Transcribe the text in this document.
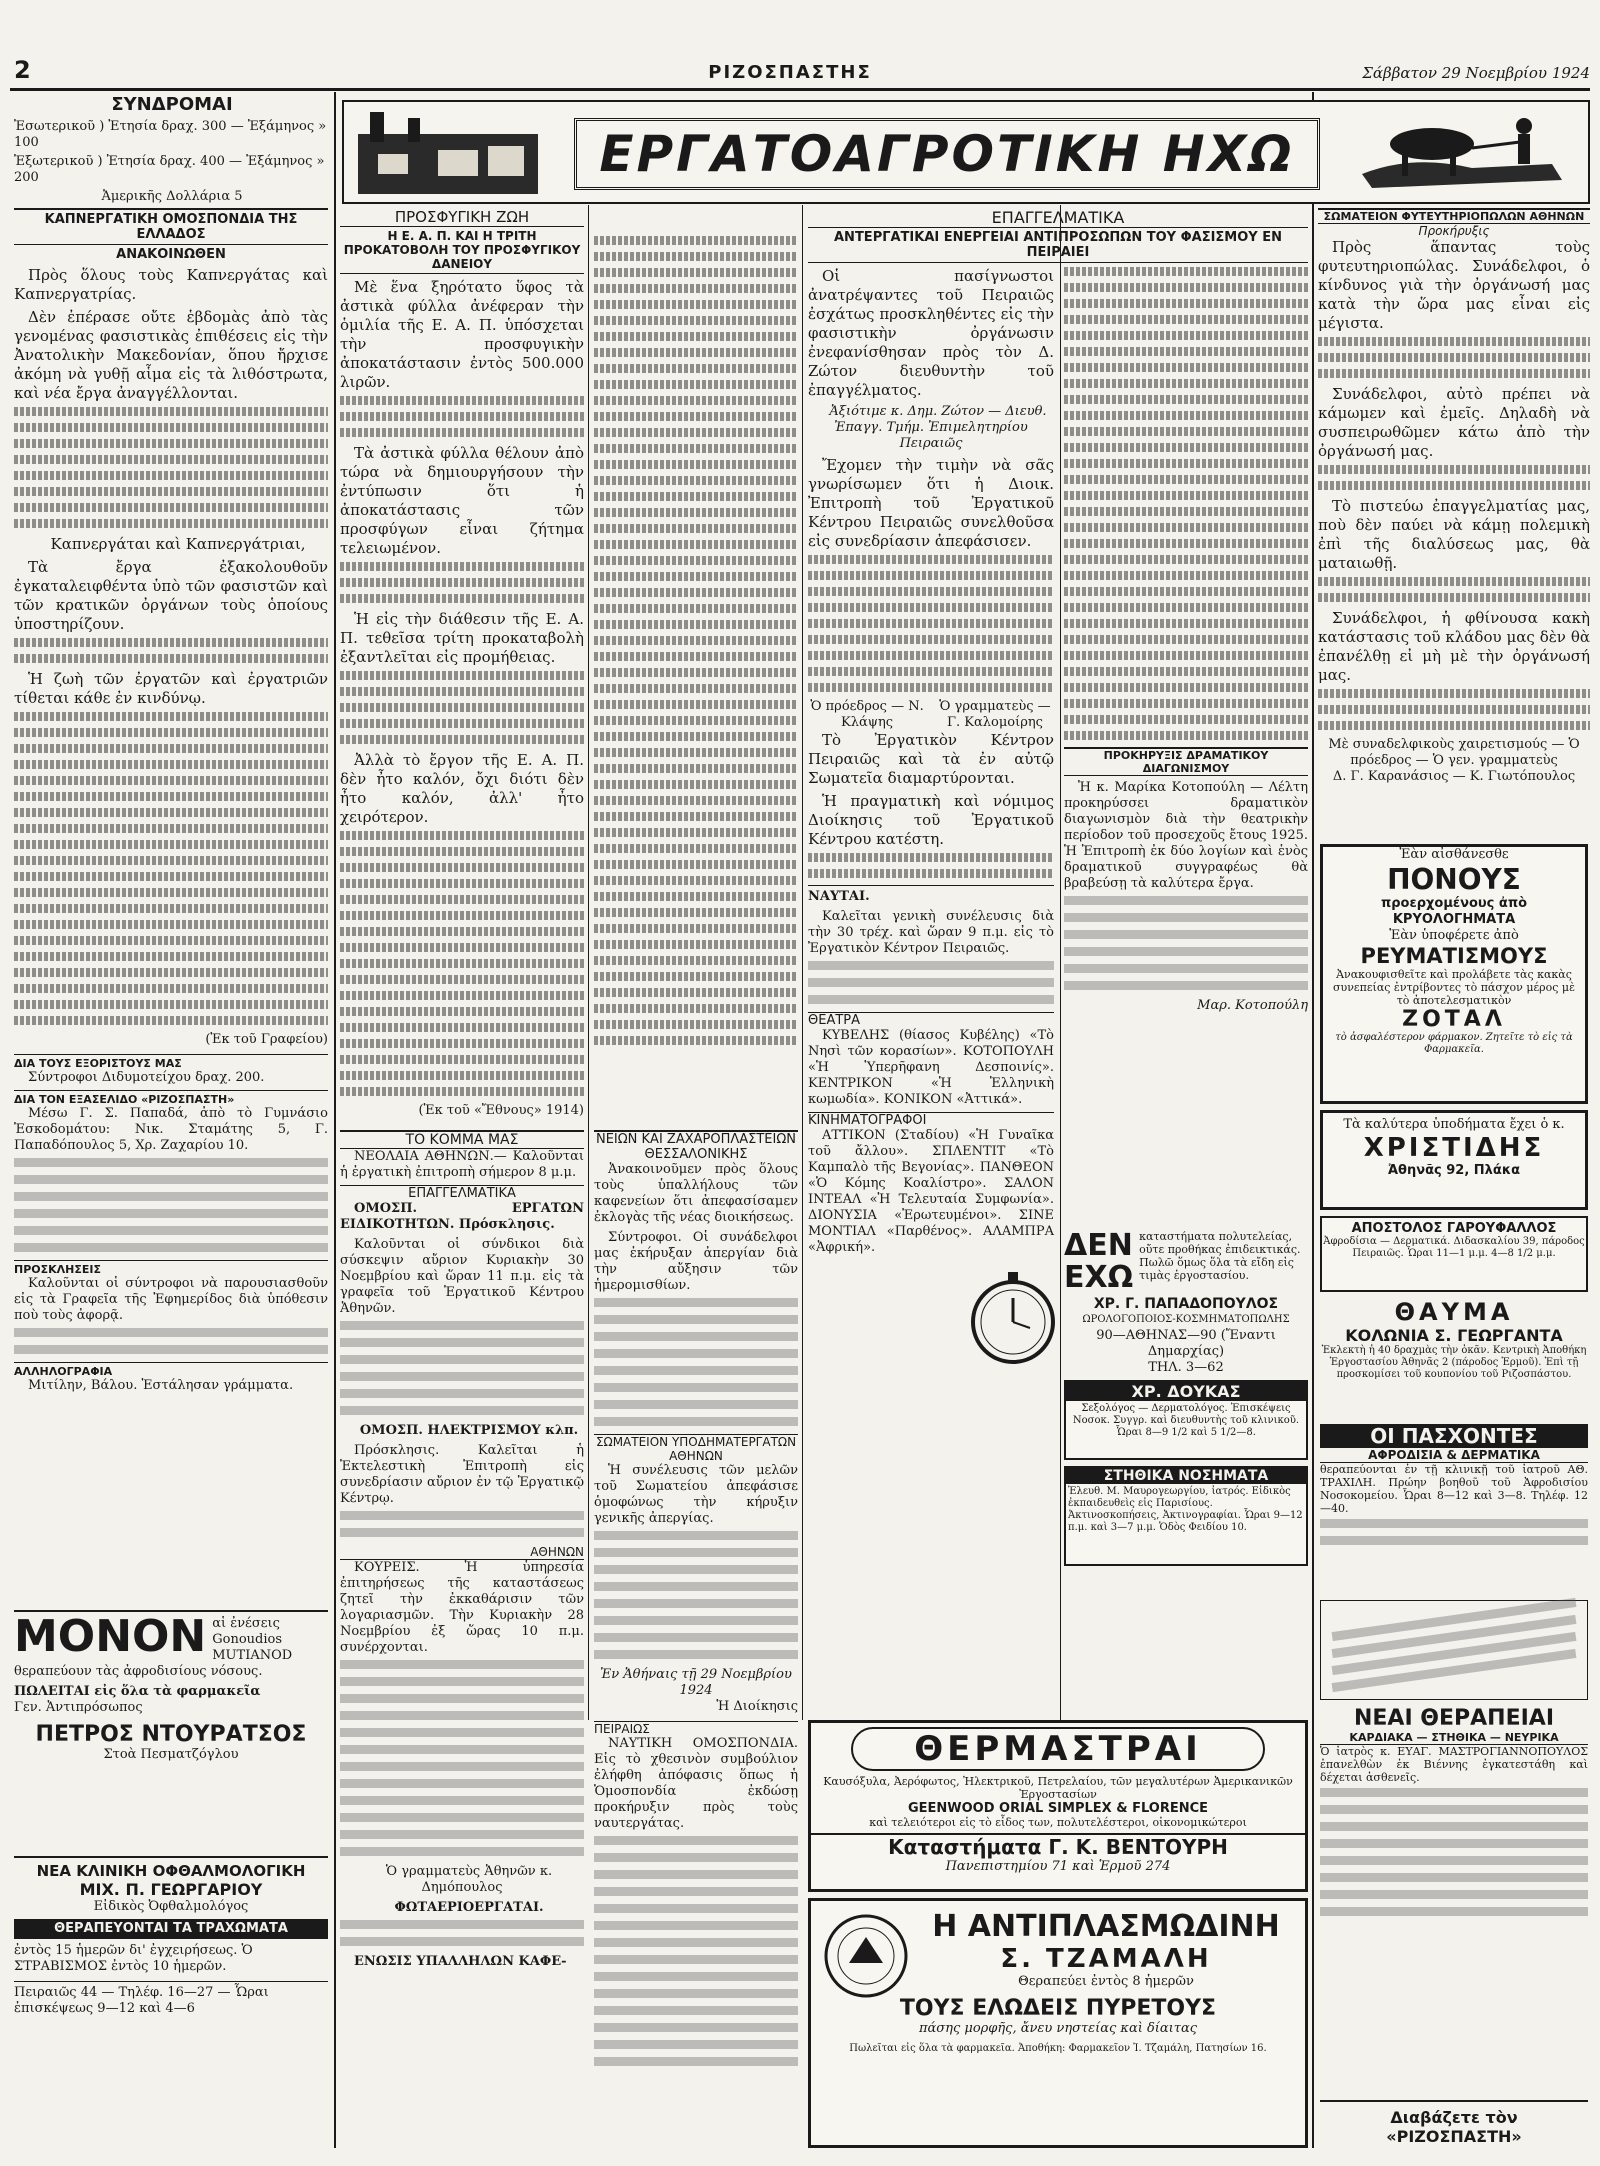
2	ΡΙΖΟΣΠΑΣΤΗΣ	Σάββατον 29 Νοεμβρίου 1924
ΣΥΝΔΡΟΜΑΙ
Ἐσωτερικοῦ ) Ἐτησία δραχ. 300 — Ἐξάμηνος » 100
Ἐξωτερικοῦ ) Ἐτησία δραχ. 400 — Ἐξάμηνος » 200
Ἀμερικῆς Δολλάρια 5
ΕΡΓΑΤΟΑΓΡΟΤΙΚΗ ΗΧΩ
ΚΑΠΝΕΡΓΑΤΙΚΗ ΟΜΟΣΠΟΝΔΙΑ ΤΗΣ ΕΛΛΑΔΟΣ
ΑΝΑΚΟΙΝΩΘΕΝ

Πρὸς ὅλους τοὺς Καπνεργάτας καὶ Καπνεργατρίας.

Δὲν ἐπέρασε οὔτε ἑβδομὰς ἀπὸ τὰς γενομένας φασιστικὰς ἐπιθέσεις εἰς τὴν Ἀνατολικὴν Μακεδονίαν, ὅπου ἤρχισε ἀκόμη νὰ γυθῇ αἷμα εἰς τὰ λιθόστρωτα, καὶ νέα ἔργα ἀναγγέλλονται.

Καπνεργάται καὶ Καπνεργάτριαι,

Τὰ ἔργα ἐξακολουθοῦν ἐγκαταλειφθέντα ὑπὸ τῶν φασιστῶν καὶ τῶν κρατικῶν ὀργάνων τοὺς ὁποίους ὑποστηρίζουν.

Ἡ ζωὴ τῶν ἐργατῶν καὶ ἐργατριῶν τίθεται κάθε ἐν κινδύνῳ.

(Ἐκ τοῦ Γραφείου)
ΔΙΑ ΤΟΥΣ ΕΞΟΡΙΣΤΟΥΣ ΜΑΣ

Σύντροφοι Διδυμοτείχου δραχ. 200.

ΔΙΑ ΤΟΝ ΕΞΑΣΕΛΙΔΟ «ΡΙΖΟΣΠΑΣΤΗ»

Μέσω Γ. Σ. Παπαδά, ἀπὸ τὸ Γυμνάσιο Ἐσκοδομάτου: Νικ. Σταμάτης 5, Γ. Παπαδόπουλος 5, Χρ. Ζαχαρίου 10.

ΠΡΟΣΚΛΗΣΕΙΣ

Καλοῦνται οἱ σύντροφοι νὰ παρουσιασθοῦν εἰς τὰ Γραφεῖα τῆς Ἐφημερίδος διὰ ὑπόθεσιν ποὺ τοὺς ἀφορᾷ.

ΑΛΛΗΛΟΓΡΑΦΙΑ

Μιτίλην, Βάλου. Ἐστάλησαν γράμματα.

ΜΟΝΟΝ αἱ ἐνέσεις Gonoudios MUTIANOD θεραπεύουν τὰς ἀφροδισίους νόσους.
ΠΩΛΕΙΤΑΙ εἰς ὅλα τὰ φαρμακεῖα
Γεν. Ἀντιπρόσωπος
ΠΕΤΡΟΣ ΝΤΟΥΡΑΤΣΟΣ
Στοὰ Πεσματζόγλου
ΝΕΑ ΚΛΙΝΙΚΗ ΟΦΘΑΛΜΟΛΟΓΙΚΗ
ΜΙΧ. Π. ΓΕΩΡΓΑΡΙΟΥ
Εἰδικὸς Ὀφθαλμολόγος
ΘΕΡΑΠΕΥΟΝΤΑΙ ΤΑ ΤΡΑΧΩΜΑΤΑ
ἐντὸς 15 ἡμερῶν δι' ἐγχειρήσεως. Ὁ ΣΤΡΑΒΙΣΜΟΣ ἐντὸς 10 ἡμερῶν.
Πειραιῶς 44 — Τηλέφ. 16—27 — Ὧραι ἐπισκέψεως 9—12 καὶ 4—6
ΠΡΟΣΦΥΓΙΚΗ ΖΩΗ
Η Ε. Α. Π. ΚΑΙ Η ΤΡΙΤΗ ΠΡΟΚΑΤΟΒΟΛΗ ΤΟΥ ΠΡΟΣΦΥΓΙΚΟΥ ΔΑΝΕΙΟΥ

Μὲ ἕνα ξηρότατο ὕφος τὰ ἀστικὰ φύλλα ἀνέφεραν τὴν ὁμιλία τῆς Ε. Α. Π. ὑπόσχεται τὴν προσφυγικὴν ἀποκατάστασιν ἐντὸς 500.000 λιρῶν.

Τὰ ἀστικὰ φύλλα θέλουν ἀπὸ τώρα νὰ δημιουργήσουν τὴν ἐντύπωσιν ὅτι ἡ ἀποκατάστασις τῶν προσφύγων εἶναι ζήτημα τελειωμένον.

Ἡ εἰς τὴν διάθεσιν τῆς Ε. Α. Π. τεθεῖσα τρίτη προκαταβολὴ ἐξαντλεῖται εἰς προμήθειας.

Ἀλλὰ τὸ ἔργον τῆς Ε. Α. Π. δὲν ἦτο καλόν, ὄχι διότι δὲν ἦτο καλόν, ἀλλ' ἦτο χειρότερον.

(Ἐκ τοῦ «Ἔθνους» 1914)
ΤΟ ΚΟΜΜΑ ΜΑΣ

ΝΕΟΛΑΙΑ ΑΘΗΝΩΝ.— Καλοῦνται ἡ ἐργατικὴ ἐπιτροπὴ σήμερον 8 μ.μ.

ΕΠΑΓΓΕΛΜΑΤΙΚΑ

ΟΜΟΣΠ. ΕΡΓΑΤΩΝ ΕΙΔΙΚΟΤΗΤΩΝ. Πρόσκλησις.

Καλοῦνται οἱ σύνδικοι διὰ σύσκεψιν αὔριον Κυριακὴν 30 Νοεμβρίου καὶ ὥραν 11 π.μ. εἰς τὰ γραφεῖα τοῦ Ἐργατικοῦ Κέντρου Ἀθηνῶν.

ΟΜΟΣΠ. ΗΛΕΚΤΡΙΣΜΟΥ κλπ.

Πρόσκλησις. Καλεῖται ἡ Ἐκτελεστικὴ Ἐπιτροπὴ εἰς συνεδρίασιν αὔριον ἐν τῷ Ἐργατικῷ Κέντρῳ.

ΑΘΗΝΩΝ

ΚΟΥΡΕΙΣ. Ἡ ὑπηρεσία ἐπιτηρήσεως τῆς καταστάσεως ζητεῖ τὴν ἐκκαθάρισιν τῶν λογαριασμῶν. Τὴν Κυριακὴν 28 Νοεμβρίου ἐξ ὥρας 10 π.μ. συνέρχονται.

Ὁ γραμματεὺς Ἀθηνῶν κ. Δημόπουλος

ΦΩΤΑΕΡΙΟΕΡΓΑΤΑΙ.

ΕΝΩΣΙΣ ΥΠΑΛΛΗΛΩΝ ΚΑΦΕ-

ΝΕΙΩΝ ΚΑΙ ΖΑΧΑΡΟΠΛΑΣΤΕΙΩΝ ΘΕΣΣΑΛΟΝΙΚΗΣ

Ἀνακοινοῦμεν πρὸς ὅλους τοὺς ὑπαλλήλους τῶν καφενείων ὅτι ἀπεφασίσαμεν ἐκλογὰς τῆς νέας διοικήσεως.

Σύντροφοι. Οἱ συνάδελφοι μας ἐκήρυξαν ἀπεργίαν διὰ τὴν αὔξησιν τῶν ἡμερομισθίων.

ΣΩΜΑΤΕΙΟΝ ΥΠΟΔΗΜΑΤΕΡΓΑΤΩΝ ΑΘΗΝΩΝ

Ἡ συνέλευσις τῶν μελῶν τοῦ Σωματείου ἀπεφάσισε ὁμοφώνως τὴν κήρυξιν γενικῆς ἀπεργίας.

Ἐν Ἀθήναις τῇ 29 Νοεμβρίου 1924
Ἡ Διοίκησις
ΠΕΙΡΑΙΩΣ

ΝΑΥΤΙΚΗ ΟΜΟΣΠΟΝΔΙΑ. Εἰς τὸ χθεσινὸν συμβούλιον ἐλήφθη ἀπόφασις ὅπως ἡ Ὁμοσπονδία ἐκδώσῃ προκήρυξιν πρὸς τοὺς ναυτεργάτας.

ΕΠΑΓΓΕΛΜΑΤΙΚΑ
ΑΝΤΕΡΓΑΤΙΚΑΙ ΕΝΕΡΓΕΙΑΙ ΑΝΤΙΠΡΟΣΩΠΩΝ ΤΟΥ ΦΑΣΙΣΜΟΥ ΕΝ ΠΕΙΡΑΙΕΙ

Οἱ πασίγνωστοι ἀνατρέψαντες τοῦ Πειραιῶς ἐσχάτως προσκληθέντες εἰς τὴν φασιστικὴν ὀργάνωσιν ἐνεφανίσθησαν πρὸς τὸν Δ. Ζώτον διευθυντὴν τοῦ ἐπαγγέλματος.

Ἀξιότιμε κ. Δημ. Ζώτον — Διευθ. Ἐπαγγ. Τμήμ. Ἐπιμελητηρίου Πειραιῶς

Ἔχομεν τὴν τιμὴν νὰ σᾶς γνωρίσωμεν ὅτι ἡ Διοικ. Ἐπιτροπὴ τοῦ Ἐργατικοῦ Κέντρου Πειραιῶς συνελθοῦσα εἰς συνεδρίασιν ἀπεφάσισεν.

Ὁ πρόεδρος — Ν. Κλάψης
Ὁ γραμματεὺς — Γ. Καλομοίρης

Τὸ Ἐργατικὸν Κέντρον Πειραιῶς καὶ τὰ ἐν αὐτῷ Σωματεῖα διαμαρτύρονται.

Ἡ πραγματικὴ καὶ νόμιμος Διοίκησις τοῦ Ἐργατικοῦ Κέντρου κατέστη.

ΝΑΥΤΑΙ.

Καλεῖται γενικὴ συνέλευσις διὰ τὴν 30 τρέχ. καὶ ὥραν 9 π.μ. εἰς τὸ Ἐργατικὸν Κέντρον Πειραιῶς.

ΘΕΑΤΡΑ

ΚΥΒΕΛΗΣ (θίασος Κυβέλης) «Τὸ Νησὶ τῶν κορασίων». ΚΟΤΟΠΟΥΛΗ «Ἡ Ὑπερῆφανη Δεσποινίς». ΚΕΝΤΡΙΚΟΝ «Ἡ Ἑλληνικὴ κωμωδία». ΚΟΝΙΚΟΝ «Ἀττικά».

ΚΙΝΗΜΑΤΟΓΡΑΦΟΙ

ΑΤΤΙΚΟΝ (Σταδίου) «Ἡ Γυναῖκα τοῦ ἄλλου». ΣΠΛΕΝΤΙΤ «Τὸ Καμπαλὸ τῆς Βεγονίας». ΠΑΝΘΕΟΝ «Ὁ Κόμης Κοαλίστρο». ΣΑΛΟΝ ΙΝΤΕΑΛ «Ἡ Τελευταία Συμφωνία». ΔΙΟΝΥΣΙΑ «Ἐρωτευμένοι». ΣΙΝΕ ΜΟΝΤΙΑΛ «Παρθένος». ΑΛΑΜΠΡΑ «Ἀφρική».

ΠΡΟΚΗΡΥΞΙΣ ΔΡΑΜΑΤΙΚΟΥ ΔΙΑΓΩΝΙΣΜΟΥ

Ἡ κ. Μαρίκα Κοτοπούλη — Λέλτη προκηρύσσει δραματικὸν διαγωνισμὸν διὰ τὴν θεατρικὴν περίοδον τοῦ προσεχοῦς ἔτους 1925. Ἡ Ἐπιτροπὴ ἐκ δύο λογίων καὶ ἑνὸς δραματικοῦ συγγραφέως θὰ βραβεύσῃ τὰ καλύτερα ἔργα.

Μαρ. Κοτοπούλη
ΔΕΝ ΕΧΩ
καταστήματα πολυτελείας, οὔτε προθήκας ἐπιδεικτικάς. Πωλῶ ὅμως ὅλα τὰ εἴδη εἰς τιμὰς ἐργοστασίου.
ΧΡ. Γ. ΠΑΠΑΔΟΠΟΥΛΟΣ
ΩΡΟΛΟΓΟΠΟΙΟΣ-ΚΟΣΜΗΜΑΤΟΠΩΛΗΣ
90—ΑΘΗΝΑΣ—90 (Ἔναντι Δημαρχίας)
ΤΗΛ. 3—62
ΧΡ. ΔΟΥΚΑΣ
Σεξολόγος — Δερματολόγος. Ἐπισκέψεις Νοσοκ. Συγγρ. καὶ διευθυντὴς τοῦ κλινικοῦ. Ὧραι 8—9 1/2 καὶ 5 1/2—8.
ΣΤΗΘΙΚΑ ΝΟΣΗΜΑΤΑ
Ἐλευθ. Μ. Μαυρογεωργίου, ἰατρός. Εἰδικὸς ἐκπαιδευθεὶς εἰς Παρισίους. Ἀκτινοσκοπήσεις, Ἀκτινογραφίαι. Ὧραι 9—12 π.μ. καὶ 3—7 μ.μ. Ὁδὸς Φειδίου 10.
ΘΕΡΜΑΣΤΡΑΙ
Καυσόξυλα, Ἀερόφωτος, Ἠλεκτρικοῦ, Πετρελαίου, τῶν μεγαλυτέρων Ἀμερικανικῶν Ἐργοστασίων
GEENWOOD ORIAL SIMPLEX & FLORENCE
καὶ τελειότεροι εἰς τὸ εἶδος των, πολυτελέστεροι, οἰκονομικώτεροι
Καταστήματα Γ. Κ. ΒΕΝΤΟΥΡΗ
Πανεπιστημίου 71 καὶ Ἑρμοῦ 274
Η ΑΝΤΙΠΛΑΣΜΩΔΙΝΗ
Σ. ΤΖΑΜΑΛΗ
Θεραπεύει ἐντὸς 8 ἡμερῶν
ΤΟΥΣ ΕΛΩΔΕΙΣ ΠΥΡΕΤΟΥΣ
πάσης μορφῆς, ἄνευ νηστείας καὶ δίαιτας
Πωλεῖται εἰς ὅλα τὰ φαρμακεῖα. Ἀποθήκη: Φαρμακεῖον Ἰ. Τζαμάλη, Πατησίων 16.
ΣΩΜΑΤΕΙΟΝ ΦΥΤΕΥΤΗΡΙΟΠΩΛΩΝ ΑΘΗΝΩΝ
Προκήρυξις

Πρὸς ἅπαντας τοὺς φυτευτηριοπώλας. Συνάδελφοι, ὁ κίνδυνος γιὰ τὴν ὀργάνωσή μας κατὰ τὴν ὥρα μας εἶναι εἰς μέγιστα.

Συνάδελφοι, αὐτὸ πρέπει νὰ κάμωμεν καὶ ἐμεῖς. Δηλαδὴ νὰ συσπειρωθῶμεν κάτω ἀπὸ τὴν ὀργάνωσή μας.

Τὸ πιστεύω ἐπαγγελματίας μας, ποὺ δὲν παύει νὰ κάμῃ πολεμικὴ ἐπὶ τῆς διαλύσεως μας, θὰ ματαιωθῇ.

Συνάδελφοι, ἡ φθίνουσα κακὴ κατάστασις τοῦ κλάδου μας δὲν θὰ ἐπανέλθῃ εἰ μὴ μὲ τὴν ὀργάνωσή μας.

Μὲ συναδελφικοὺς χαιρετισμούς — Ὁ πρόεδρος — Ὁ γεν. γραμματεὺς
Δ. Γ. Καρανάσιος — Κ. Γιωτόπουλος
Ἐὰν αἰσθάνεσθε
ΠΟΝΟΥΣ
προερχομένους ἀπὸ ΚΡΥΟΛΟΓΗΜΑΤΑ
Ἐὰν ὑποφέρετε ἀπὸ
ΡΕΥΜΑΤΙΣΜΟΥΣ
Ἀνακουφισθεῖτε καὶ προλάβετε τὰς κακὰς συνεπείας ἐντρίβοντες τὸ πάσχον μέρος μὲ τὸ ἀποτελεσματικὸν
ΖΟΤΑΛ
τὸ ἀσφαλέστερον φάρμακον. Ζητεῖτε τὸ εἰς τὰ Φαρμακεῖα.
Τὰ καλύτερα ὑποδήματα ἔχει ὁ κ.
ΧΡΙΣΤΙΔΗΣ
Ἀθηνᾶς 92, Πλάκα
ΑΠΟΣΤΟΛΟΣ ΓΑΡΟΥΦΑΛΛΟΣ
Ἀφροδίσια — Δερματικά. Διδασκαλίου 39, πάροδος Πειραιῶς. Ὧραι 11—1 μ.μ. 4—8 1/2 μ.μ.
ΘΑΥΜΑ
ΚΟΛΩΝΙΑ Σ. ΓΕΩΡΓΑΝΤΑ
Ἐκλεκτὴ ἡ 40 δραχμὰς τὴν ὀκᾶν. Κεντρικὴ Ἀποθήκη Ἐργοστασίου Ἀθηνᾶς 2 (πάροδος Ἑρμοῦ). Ἐπὶ τῇ προσκομίσει τοῦ κουπονίου τοῦ Ριζοσπάστου.
ΟΙ ΠΑΣΧΟΝΤΕΣ
ΑΦΡΟΔΙΣΙΑ & ΔΕΡΜΑΤΙΚΑ
θεραπεύονται ἐν τῇ κλινικῇ τοῦ ἰατροῦ ΑΘ. ΤΡΑΧΙΛΗ. Πρώην βοηθοῦ τοῦ Ἀφροδισίου Νοσοκομείου. Ὧραι 8—12 καὶ 3—8. Τηλέφ. 12—40.
ΝΕΑΙ ΘΕΡΑΠΕΙΑΙ
ΚΑΡΔΙΑΚΑ — ΣΤΗΘΙΚΑ — ΝΕΥΡΙΚΑ
Ὁ ἰατρὸς κ. ΕΥΑΓ. ΜΑΣΤΡΟΓΙΑΝΝΟΠΟΥΛΟΣ ἐπανελθὼν ἐκ Βιέννης ἐγκατεστάθη καὶ δέχεται ἀσθενεῖς.
Διαβάζετε τὸν «ΡΙΖΟΣΠΑΣΤΗ»
